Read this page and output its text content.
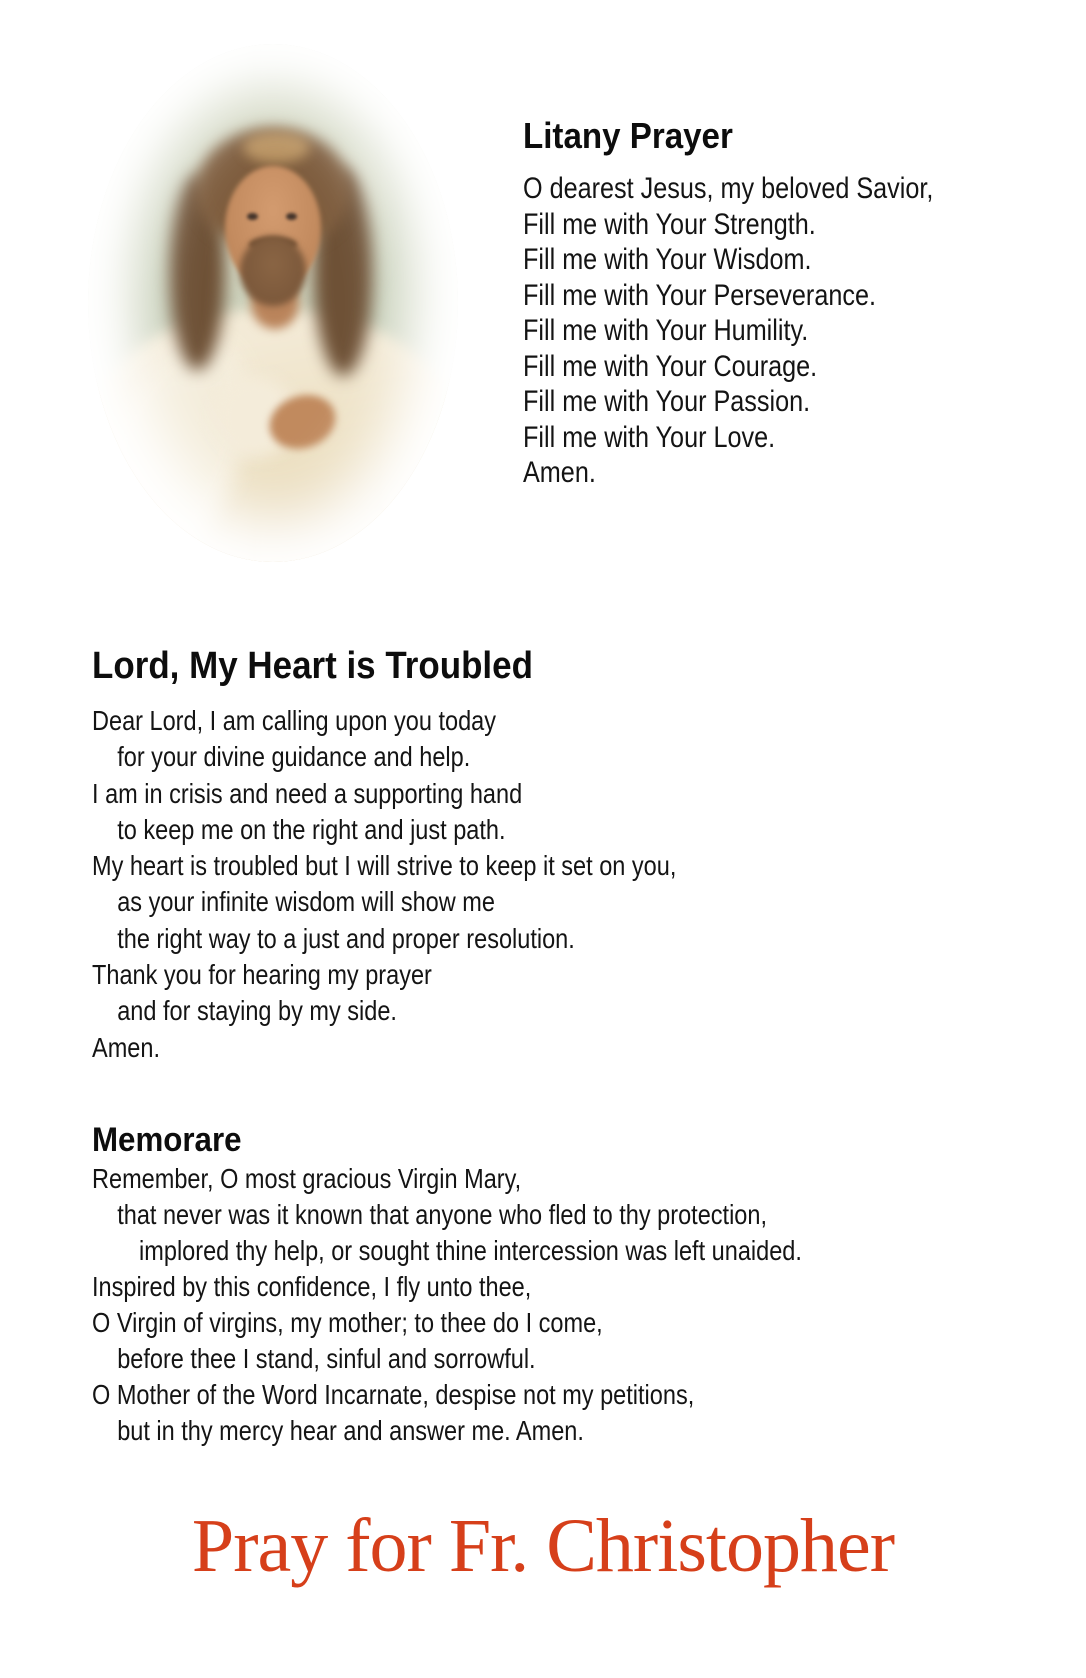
Litany Prayer
O dearest Jesus, my beloved Savior,
Fill me with Your Strength.
Fill me with Your Wisdom.
Fill me with Your Perseverance.
Fill me with Your Humility.
Fill me with Your Courage.
Fill me with Your Passion.
Fill me with Your Love.
Amen.
Lord, My Heart is Troubled
Dear Lord, I am calling upon you today
for your divine guidance and help.
I am in crisis and need a supporting hand
to keep me on the right and just path.
My heart is troubled but I will strive to keep it set on you,
as your infinite wisdom will show me
the right way to a just and proper resolution.
Thank you for hearing my prayer
and for staying by my side.
Amen.
Memorare
Remember, O most gracious Virgin Mary,
that never was it known that anyone who fled to thy protection,
implored thy help, or sought thine intercession was left unaided.
Inspired by this confidence, I fly unto thee,
O Virgin of virgins, my mother; to thee do I come,
before thee I stand, sinful and sorrowful.
O Mother of the Word Incarnate, despise not my petitions,
but in thy mercy hear and answer me. Amen.
Pray for Fr. Christopher
